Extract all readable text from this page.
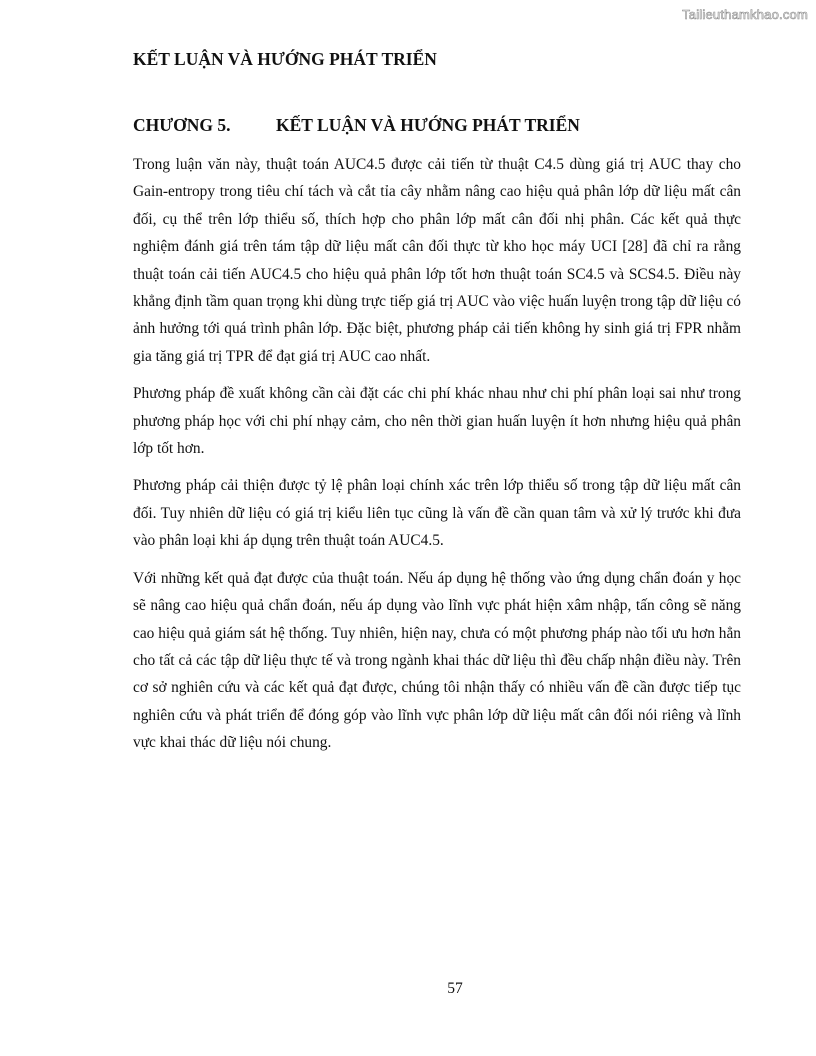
Tailieuthamkhao.com
KẾT LUẬN VÀ HƯỚNG PHÁT TRIỂN
CHƯƠNG 5.	KẾT LUẬN VÀ HƯỚNG PHÁT TRIỂN

Trong luận văn này, thuật toán AUC4.5 được cải tiến từ thuật C4.5 dùng giá trị AUC thay cho Gain-entropy trong tiêu chí tách và cắt tỉa cây nhằm nâng cao hiệu quả phân lớp dữ liệu mất cân đối, cụ thể trên lớp thiểu số, thích hợp cho phân lớp mất cân đối nhị phân. Các kết quả thực nghiệm đánh giá trên tám tập dữ liệu mất cân đối thực từ kho học máy UCI [28] đã chỉ ra rằng thuật toán cải tiến AUC4.5 cho hiệu quả phân lớp tốt hơn thuật toán SC4.5 và SCS4.5. Điều này khẳng định tầm quan trọng khi dùng trực tiếp giá trị AUC vào việc huấn luyện trong tập dữ liệu có ảnh hưởng tới quá trình phân lớp. Đặc biệt, phương pháp cải tiến không hy sinh giá trị FPR nhằm gia tăng giá trị TPR để đạt giá trị AUC cao nhất.

Phương pháp đề xuất không cần cài đặt các chi phí khác nhau như chi phí phân loại sai như trong phương pháp học với chi phí nhạy cảm, cho nên thời gian huấn luyện ít hơn nhưng hiệu quả phân lớp tốt hơn.

Phương pháp cải thiện được tỷ lệ phân loại chính xác trên lớp thiểu số trong tập dữ liệu mất cân đối. Tuy nhiên dữ liệu có giá trị kiểu liên tục cũng là vấn đề cần quan tâm và xử lý trước khi đưa vào phân loại khi áp dụng trên thuật toán AUC4.5.

Với những kết quả đạt được của thuật toán. Nếu áp dụng hệ thống vào ứng dụng chẩn đoán y học sẽ nâng cao hiệu quả chẩn đoán, nếu áp dụng vào lĩnh vực phát hiện xâm nhập, tấn công sẽ năng cao hiệu quả giám sát hệ thống. Tuy nhiên, hiện nay, chưa có một phương pháp nào tối ưu hơn hẳn cho tất cả các tập dữ liệu thực tế và trong ngành khai thác dữ liệu thì đều chấp nhận điều này. Trên cơ sở nghiên cứu và các kết quả đạt được, chúng tôi nhận thấy có nhiều vấn đề cần được tiếp tục nghiên cứu và phát triển để đóng góp vào lĩnh vực phân lớp dữ liệu mất cân đối nói riêng và lĩnh vực khai thác dữ liệu nói chung.

57
